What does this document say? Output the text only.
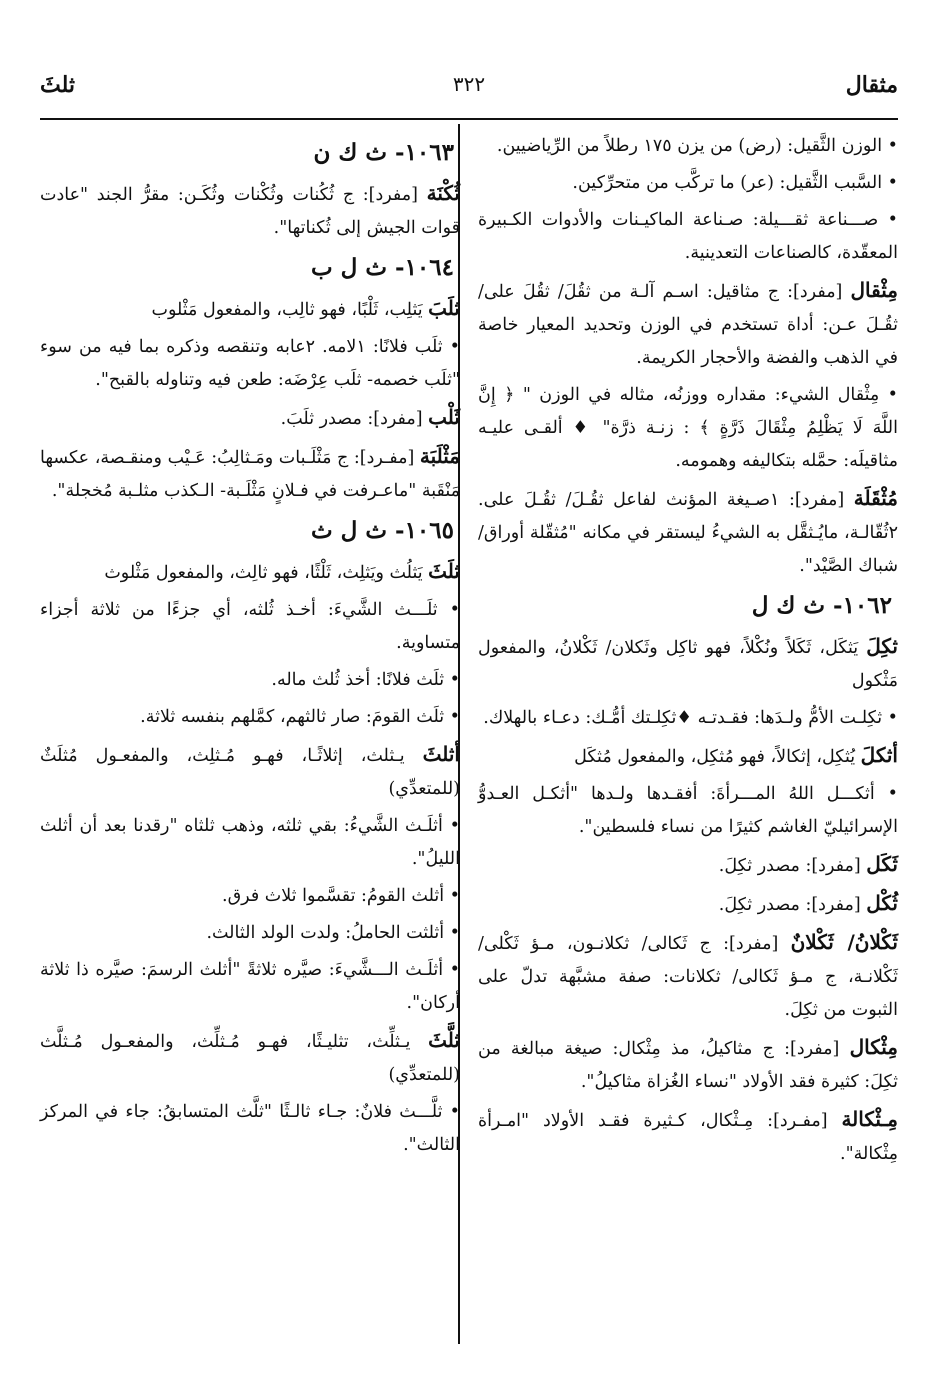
مثقال
٣٢٢
ثلثَ
• الوزن الثَّقيل: (رض) من يزن ١٧٥ رطلاً من الرِّياضيين.
• السَّبب الثَّقيل: (عر) ما تركَّب من متحرِّكين.
• صـــناعة ثقـــيلة: صـناعة الماكيـنات والأدوات الكـبيرة المعقّدة، كالصناعات التعدينية.
مِثْقال [مفرد]: ج مثاقيل: اسـم آلـة من ثقُلَ/ ثقُلَ على/ ثقُـلَ عـن: أداة تستخدم في الوزن وتحديد المعيار خاصة في الذهب والفضة والأحجار الكريمة.
• مِثْقال الشيء: مقداره ووزنُه، مثاله في الوزن " ﴿ إِنَّ اللَّهَ لَا يَظْلِمُ مِثْقَالَ ذَرَّةٍ ﴾ : زنـة ذرَّة" ♦ ألقـى عليـه مثاقيلَه: حمَّله بتكاليفه وهمومه.
مُثْقَلَة [مفرد]: ١صـيغة المؤنث لفاعل ثقُـلَ/ ثقُـلَ على. ٢ثُقّالـة، مايُـثقَّل به الشيءُ ليستقر في مكانه "مُثقّلة أوراق/ شباك الصَّيْد".
١٠٦٢- ث ك ل
ثكِلَ يَثكَل، ثَكَلاً ونُكْلاً، فهو ثاكِل وثَكلان/ ثَكْلانُ، والمفعول مَثْكول
• ثكِلـت الأمُّ ولـدَها: فقـدتـه ♦ثكِلـتك أمُّـك: دعـاء بالهلاك.
أثكلَ يُثكِل، إثكالاً، فهو مُثكِل، والمفعول مُثكَل
• أثكـــل اللهُ المـــرأةَ: أفقـدها ولـدها "أثكـل العـدوُّ الإسرائيليّ الغاشم كثيرًا من نساء فلسطين".
ثَكَل [مفرد]: مصدر ثكِلَ.
ثُكْل [مفرد]: مصدر ثكِلَ.
ثَكْلانُ/ ثَكْلانٌ [مفرد]: ج ثَكالى/ ثكلانـون، مـؤ ثَكْلى/ ثَكْلانـة، ج مـؤ ثَكالى/ ثكلانات: صفة مشبَّهة تدلّ على الثبوت من ثكِلَ.
مِثْكال [مفرد]: ج مثاكيلُ، مذ مِثْكال: صيغة مبالغة من ثكِلَ: كثيرة فقد الأولاد "نساء الغُزاة مثاكيلُ".
مِـثْكالة [مفـرد]: مِـثْكال، كـثيرة فقـد الأولاد "امـرأة مِثْكالة".
١٠٦٣- ث ك ن
ثُكْنَة [مفرد]: ج ثُكُنات وثُكْنات وثُكَـن: مقرُّ الجند "عادت قوات الجيش إلى ثُكناتها".
١٠٦٤- ث ل ب
ثلَبَ يَثلِب، ثَلْبًا، فهو ثالِب، والمفعول مَثْلوب
• ثلَب فلانًا: ١لامه. ٢عابه وتنقصه وذكره بما فيه من سوء "ثلَب خصمه- ثلَب عِرْضَه: طعن فيه وتناوله بالقبح".
ثَلْب [مفرد]: مصدر ثلَبَ.
مَثْلَبَة [مفـرد]: ج مَثْلَـبات ومَـثالِبُ: عَـيْب ومنقـصة، عكسها مَنْقَبة "ماعـرفت في فـلانٍ مَثْلَـبة- الـكذب مثلـبة مُخجلة".
١٠٦٥- ث ل ث
ثلَثَ يَثلُث ويَثلِث، ثَلْثًا، فهو ثالِث، والمفعول مَثْلوث
• ثلَـــث الشَّيءَ: أخـذ ثُلثه، أي جزءًا من ثلاثة أجزاء متساوية.
• ثلَث فلانًا: أخذ ثُلث ماله.
• ثلَث القومَ: صار ثالثهم، كمَّلهم بنفسه ثلاثة.
أثلثَ يـثلث، إثلاثًـا، فهـو مُـثلِث، والمفعـول مُثلَثٌ (للمتعدِّي)
• أثلَـث الشَّيءُ: بقي ثلثه، وذهب ثلثاه "رقدنا بعد أن أثلث الليلُ".
• أثلث القومُ: تقسَّموا ثلاث فرق.
• أثلثت الحاملُ: ولدت الولد الثالث.
• أثلَـث الـــشَّيءَ: صيَّره ثلاثةً "أثلث الرسمَ: صيَّره ذا ثلاثة أركان".
ثلَّثَ يـثلِّث، تثليـثًا، فهـو مُـثلِّث، والمفعـول مُـثلَّث (للمتعدِّي)
• ثلَّـــث فلانٌ: جـاء ثالـثًا "ثلَّث المتسابقُ: جاء في المركز الثالث".
